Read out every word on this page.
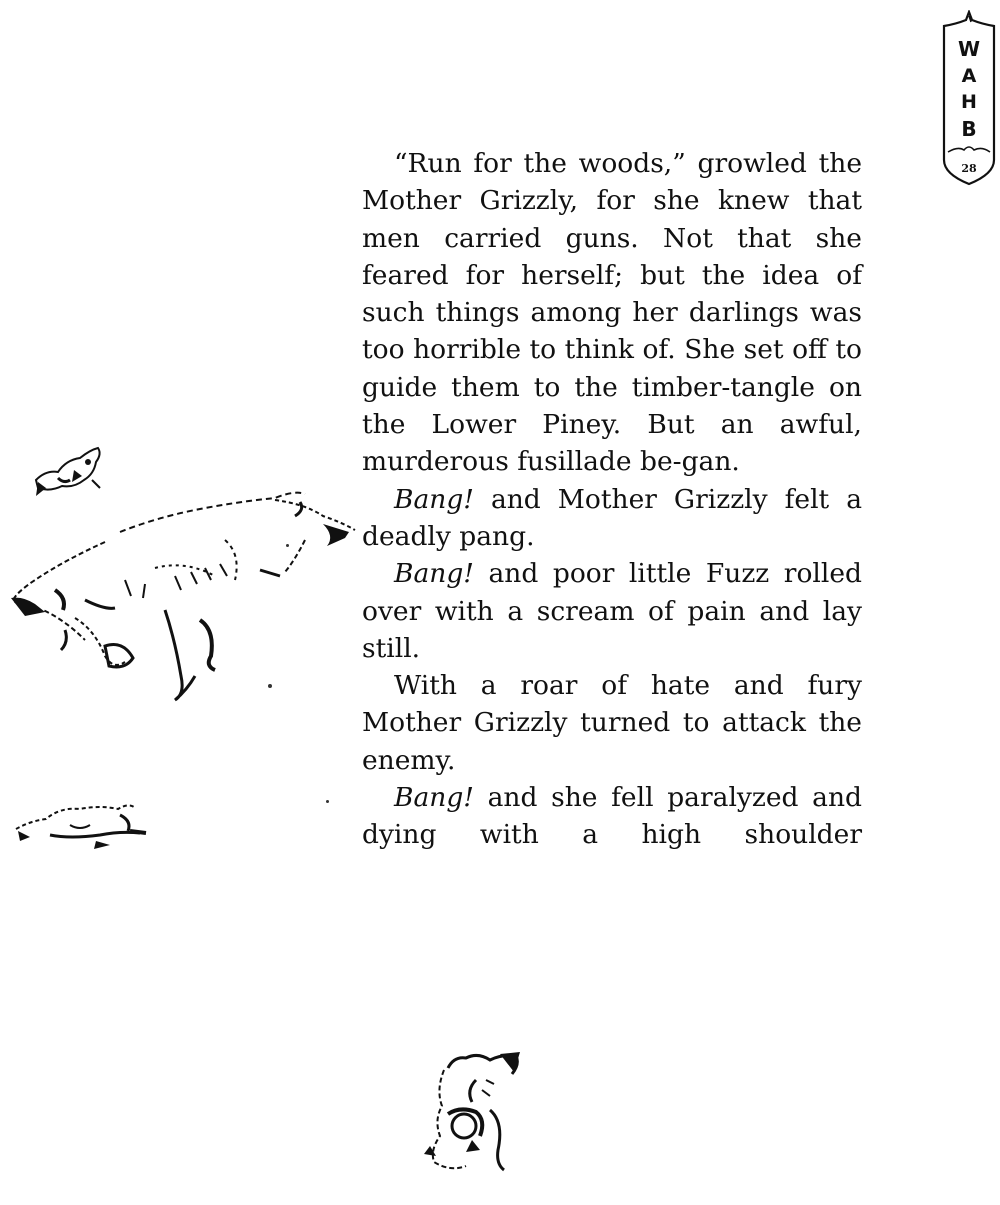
W
A
H
B
28

“Run for the woods,” growled the Mother Grizzly, for she knew that men carried guns. Not that she feared for herself; but the idea of such things among her darlings was too horrible to think of. She set off to guide them to the timber-tangle on the Lower Piney. But an awful, murderous fusillade be-gan.

Bang! and Mother Grizzly felt a deadly pang.

Bang! and poor little Fuzz rolled over with a scream of pain and lay still.

With a roar of hate and fury Mother Grizzly turned to attack the enemy.

Bang! and she fell paralyzed and dying with a high shoulder
